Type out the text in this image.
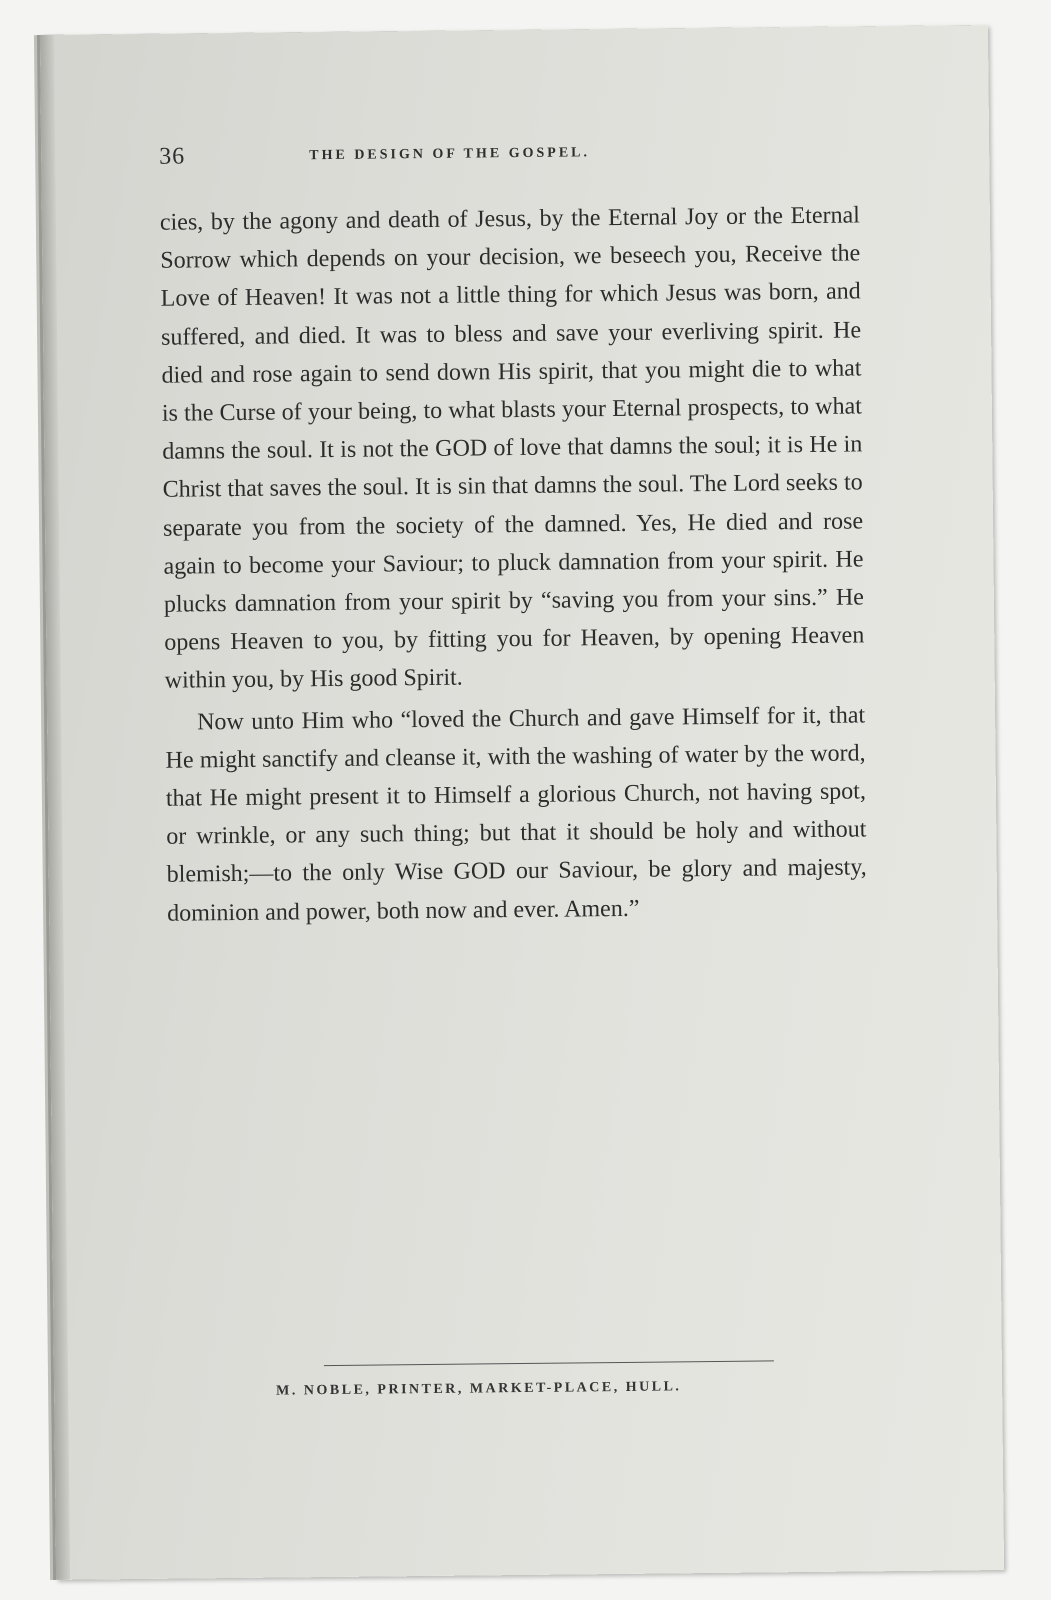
36	THE DESIGN OF THE GOSPEL.

cies, by the agony and death of Jesus, by the Eternal Joy or the Eternal Sorrow which depends on your decision, we beseech you, Receive the Love of Heaven! It was not a little thing for which Jesus was born, and suffered, and died. It was to bless and save your everliving spirit. He died and rose again to send down His spirit, that you might die to what is the Curse of your being, to what blasts your Eternal prospects, to what damns the soul. It is not the GOD of love that damns the soul; it is He in Christ that saves the soul. It is sin that damns the soul. The Lord seeks to separate you from the society of the damned. Yes, He died and rose again to become your Saviour; to pluck damnation from your spirit. He plucks damnation from your spirit by “saving you from your sins.” He opens Heaven to you, by fitting you for Heaven, by opening Heaven within you, by His good Spirit.

Now unto Him who “loved the Church and gave Himself for it, that He might sanctify and cleanse it, with the washing of water by the word, that He might present it to Himself a glorious Church, not having spot, or wrinkle, or any such thing; but that it should be holy and without blemish;—to the only Wise GOD our Saviour, be glory and majesty, dominion and power, both now and ever. Amen.”

M. NOBLE, PRINTER, MARKET-PLACE, HULL.
